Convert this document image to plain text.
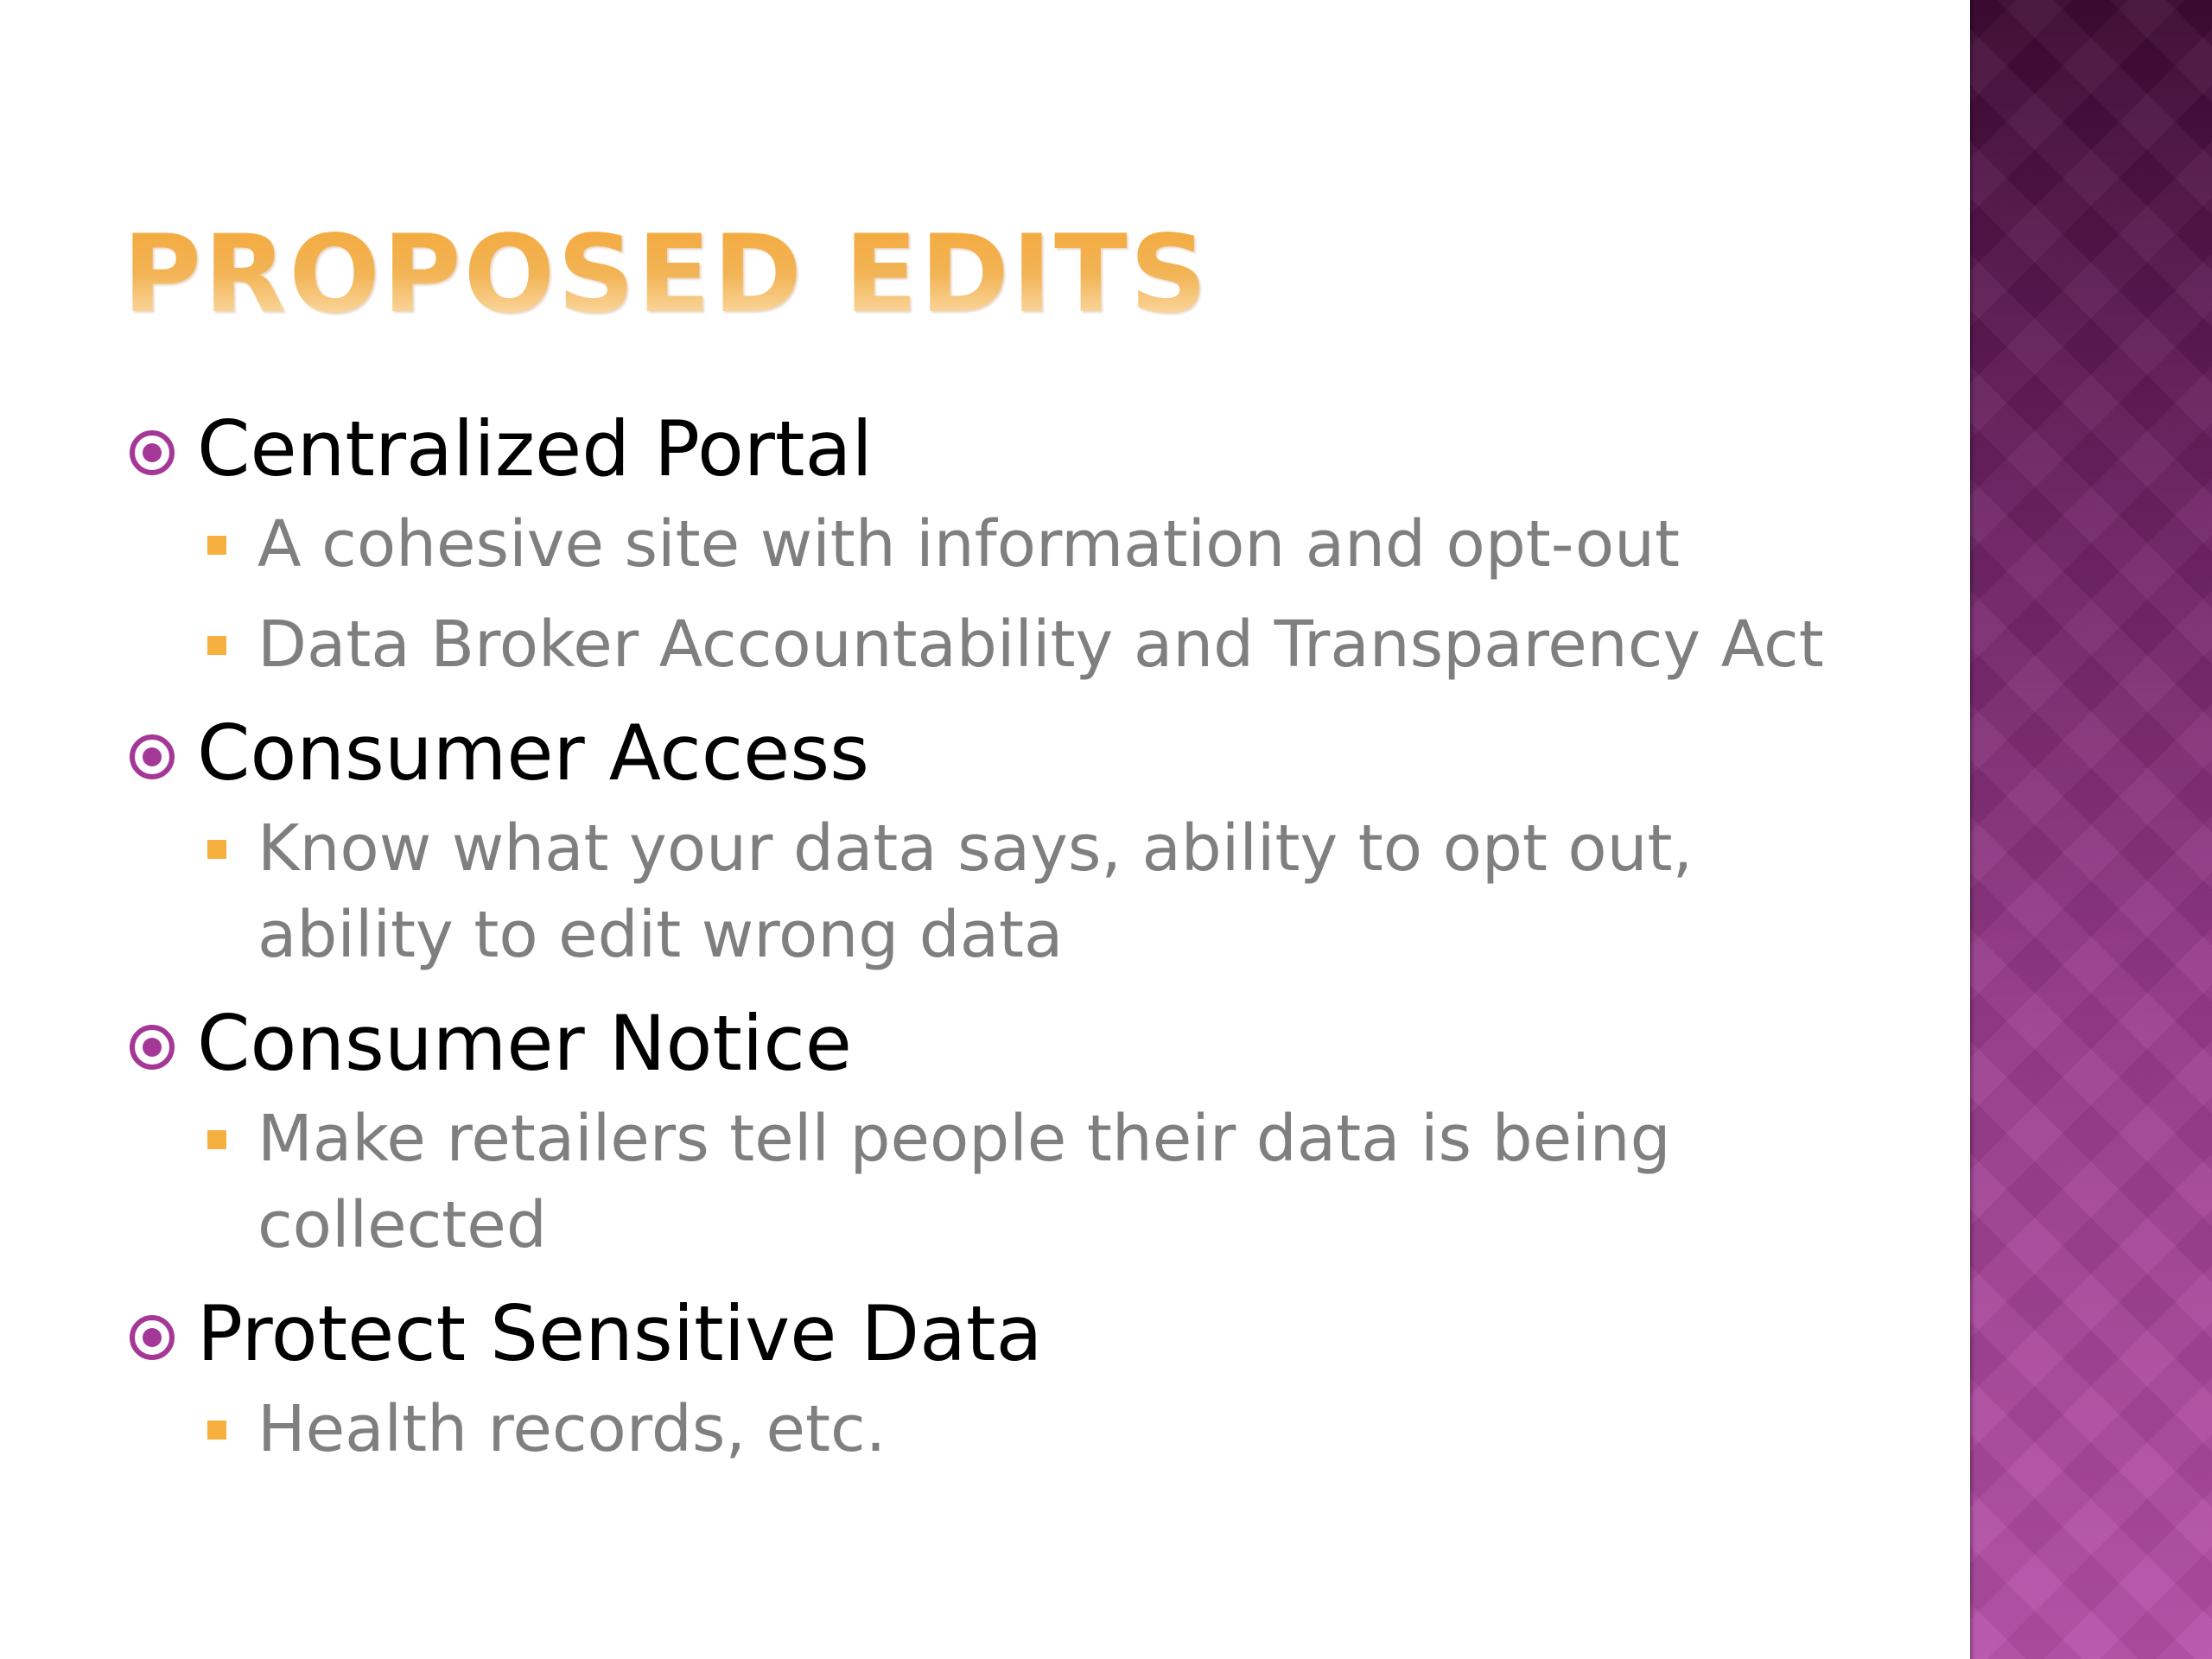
PROPOSED EDITS
Centralized Portal
A cohesive site with information and opt-out
Data Broker Accountability and Transparency Act
Consumer Access
Know what your data says, ability to opt out, ability to edit wrong data
Consumer Notice
Make retailers tell people their data is being collected
Protect Sensitive Data
Health records, etc.
